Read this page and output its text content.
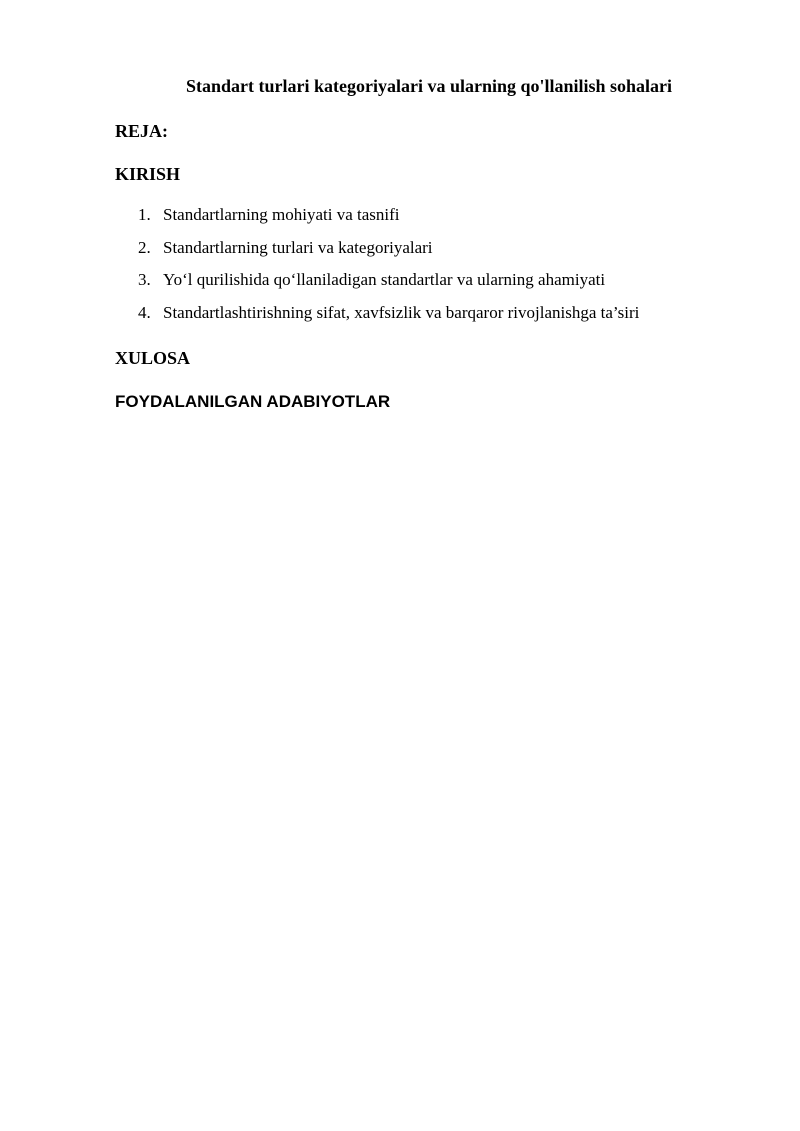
Standart turlari kategoriyalari va ularning qo'llanilish sohalari
REJA:
KIRISH
1. Standartlarning mohiyati va tasnifi
2. Standartlarning turlari va kategoriyalari
3. Yo‘l qurilishida qo‘llaniladigan standartlar va ularning ahamiyati
4. Standartlashtirishning sifat, xavfsizlik va barqaror rivojlanishga ta’siri
XULOSA
FOYDALANILGAN ADABIYOTLAR
